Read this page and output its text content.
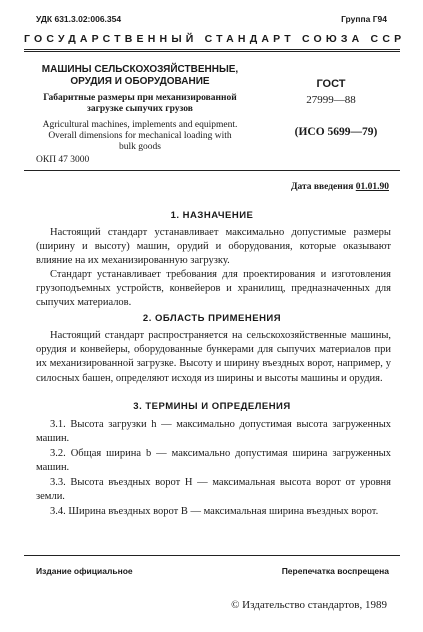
УДК 631.3.02:006.354	Группа Г94
ГОСУДАРСТВЕННЫЙ СТАНДАРТ СОЮЗА ССР
МАШИНЫ СЕЛЬСКОХОЗЯЙСТВЕННЫЕ,
ОРУДИЯ И ОБОРУДОВАНИЕ
Габаритные размеры при механизированной
загрузке сыпучих грузов
Agricultural machines, implements and equipment.
Overall dimensions for mechanical loading with
bulk goods
ОКП 47 3000
ГОСТ
27999—88
(ИСО 5699—79)
Дата введения 01.01.90
1. НАЗНАЧЕНИЕ
Настоящий стандарт устанавливает максимально допустимые размеры (ширину и высоту) машин, орудий и оборудования, которые оказывают влияние на их механизированную загрузку.
Стандарт устанавливает требования для проектирования и изготовления грузоподъемных устройств, конвейеров и хранилищ, предназначенных для сыпучих материалов.
2. ОБЛАСТЬ ПРИМЕНЕНИЯ
Настоящий стандарт распространяется на сельскохозяйственные машины, орудия и конвейеры, оборудованные бункерами для сыпучих материалов при их механизированной загрузке. Высоту и ширину въездных ворот, например, у силосных башен, определяют исходя из ширины и высоты машины и орудия.
3. ТЕРМИНЫ И ОПРЕДЕЛЕНИЯ
3.1. Высота загрузки h — максимально допустимая высота загруженных машин.
3.2. Общая ширина b — максимально допустимая ширина загруженных машин.
3.3. Высота въездных ворот H — максимальная высота ворот от уровня земли.
3.4. Ширина въездных ворот B — максимальная ширина въездных ворот.
Издание официальное	Перепечатка воспрещена
© Издательство стандартов, 1989
